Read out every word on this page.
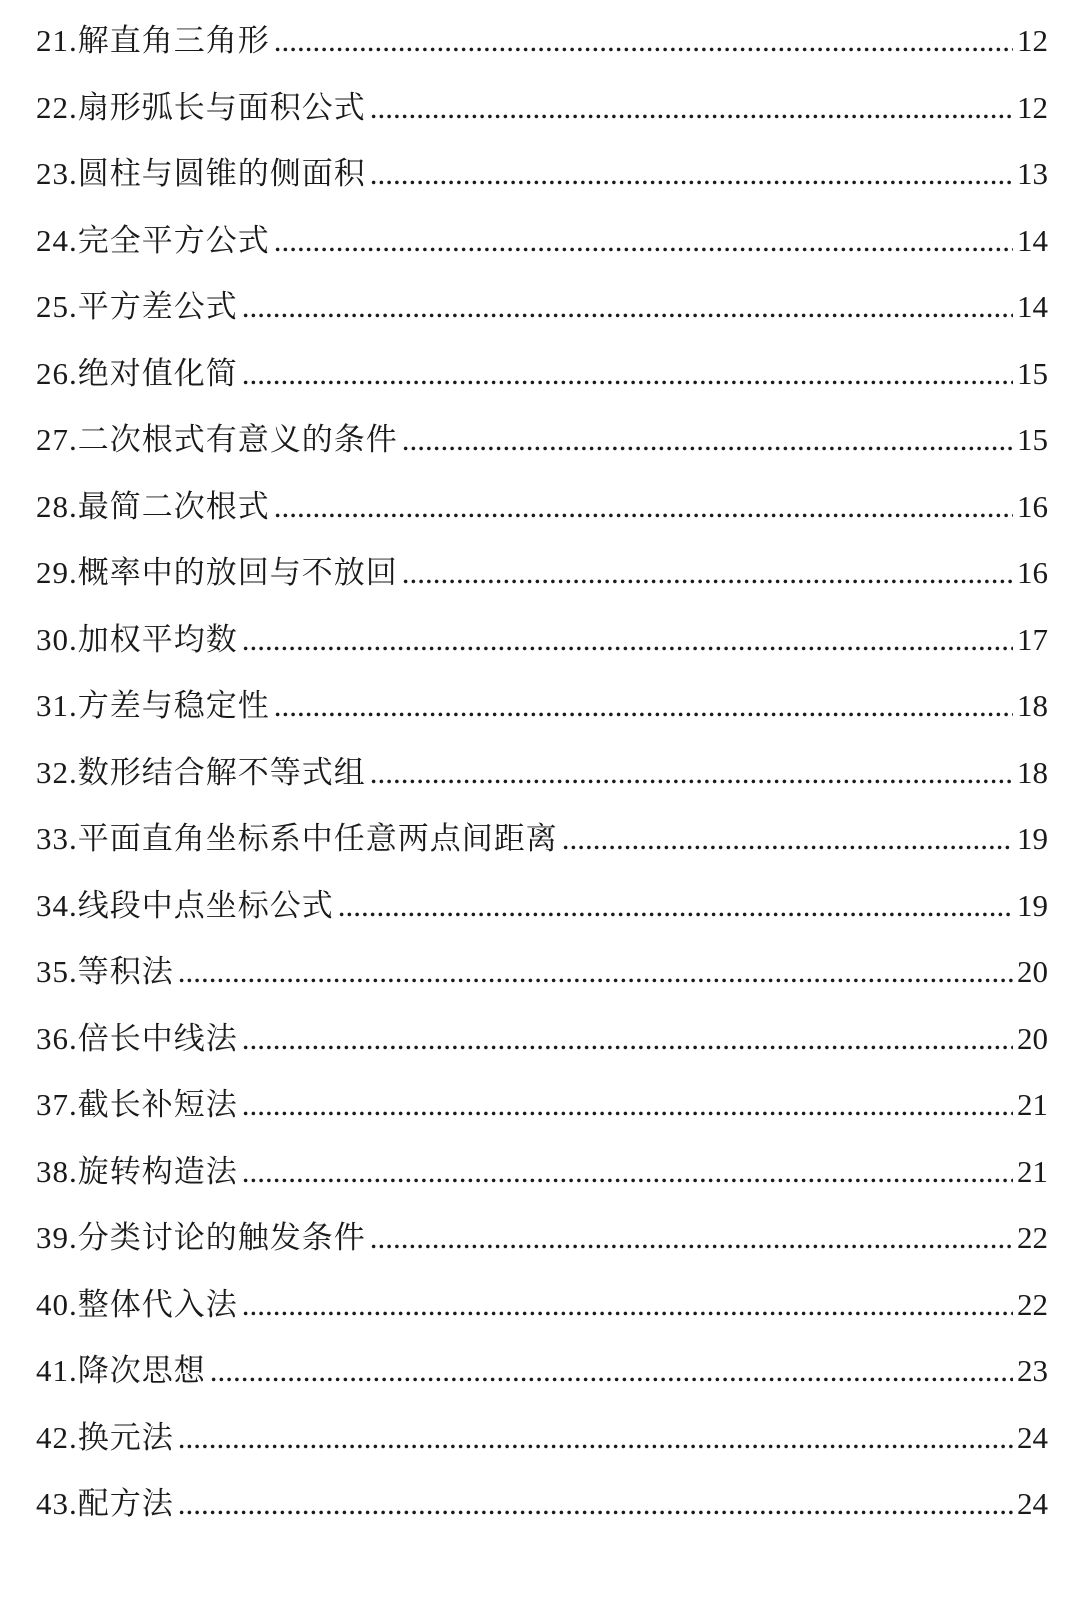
21.解直角三角形 .....	12
22.扇形弧长与面积公式 .....	12
23.圆柱与圆锥的侧面积 .....	13
24.完全平方公式 .....	14
25.平方差公式 .....	14
26.绝对值化简 .....	15
27.二次根式有意义的条件 .....	15
28.最简二次根式 .....	16
29.概率中的放回与不放回 .....	16
30.加权平均数 .....	17
31.方差与稳定性 .....	18
32.数形结合解不等式组 .....	18
33.平面直角坐标系中任意两点间距离 .....	19
34.线段中点坐标公式 .....	19
35.等积法 .....	20
36.倍长中线法 .....	20
37.截长补短法 .....	21
38.旋转构造法 .....	21
39.分类讨论的触发条件 .....	22
40.整体代入法 .....	22
41.降次思想 .....	23
42.换元法 .....	24
43.配方法 .....	24
